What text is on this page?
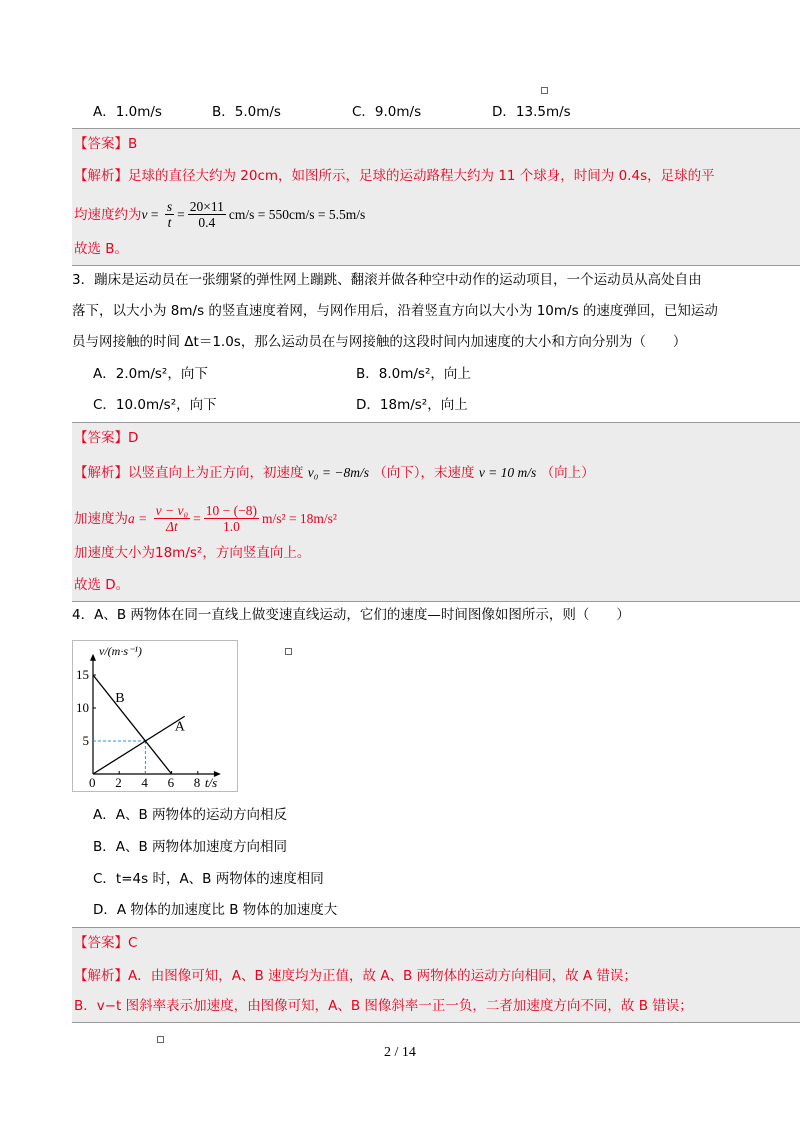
A．1.0m/s	B．5.0m/s	C．9.0m/s	D．13.5m/s
【答案】B
【解析】足球的直径大约为 20cm，如图所示，足球的运动路程大约为 11 个球身，时间为 0.4s，足球的平
均速度约为 $v = \frac{s}{t} = \frac{20\times 11}{0.4} cm/s = 550cm/s = 5.5m/s$
故选 B。
3．蹦床是运动员在一张绷紧的弹性网上蹦跳、翻滚并做各种空中动作的运动项目，一个运动员从高处自由
落下，以大小为 8m/s 的竖直速度着网，与网作用后，沿着竖直方向以大小为 10m/s 的速度弹回，已知运动
员与网接触的时间 Δt＝1.0s，那么运动员在与网接触的这段时间内加速度的大小和方向分别为（　　）
A．2.0m/s²，向下	B．8.0m/s²，向上
C．10.0m/s²，向下	D．18m/s²，向上
【答案】D
【解析】以竖直向上为正方向，初速度 v₀ = −8m/s （向下），末速度 v = 10 m/s （向上）
加速度为 $a = \frac{\text{v − v₀}}{\Delta t} = \frac{10 - (-8)}{1.0} m/s^2 = 18m/s^2$
加速度大小为18m/s²，方向竖直向上。
故选 D。
4．A、B 两物体在同一直线上做变速直线运动，它们的速度—时间图像如图所示，则（　　）
v/(m·s⁻¹)
t/s
0 2 4 6 8
5
10
15
A
B
A．A、B 两物体的运动方向相反
B．A、B 两物体加速度方向相同
C．t=4s 时，A、B 两物体的速度相同
D．A 物体的加速度比 B 物体的加速度大
【答案】C
【解析】A．由图像可知，A、B 速度均为正值，故 A、B 两物体的运动方向相同，故 A 错误；
B．v−t 图斜率表示加速度，由图像可知，A、B 图像斜率一正一负，二者加速度方向不同，故 B 错误；
2 / 14
